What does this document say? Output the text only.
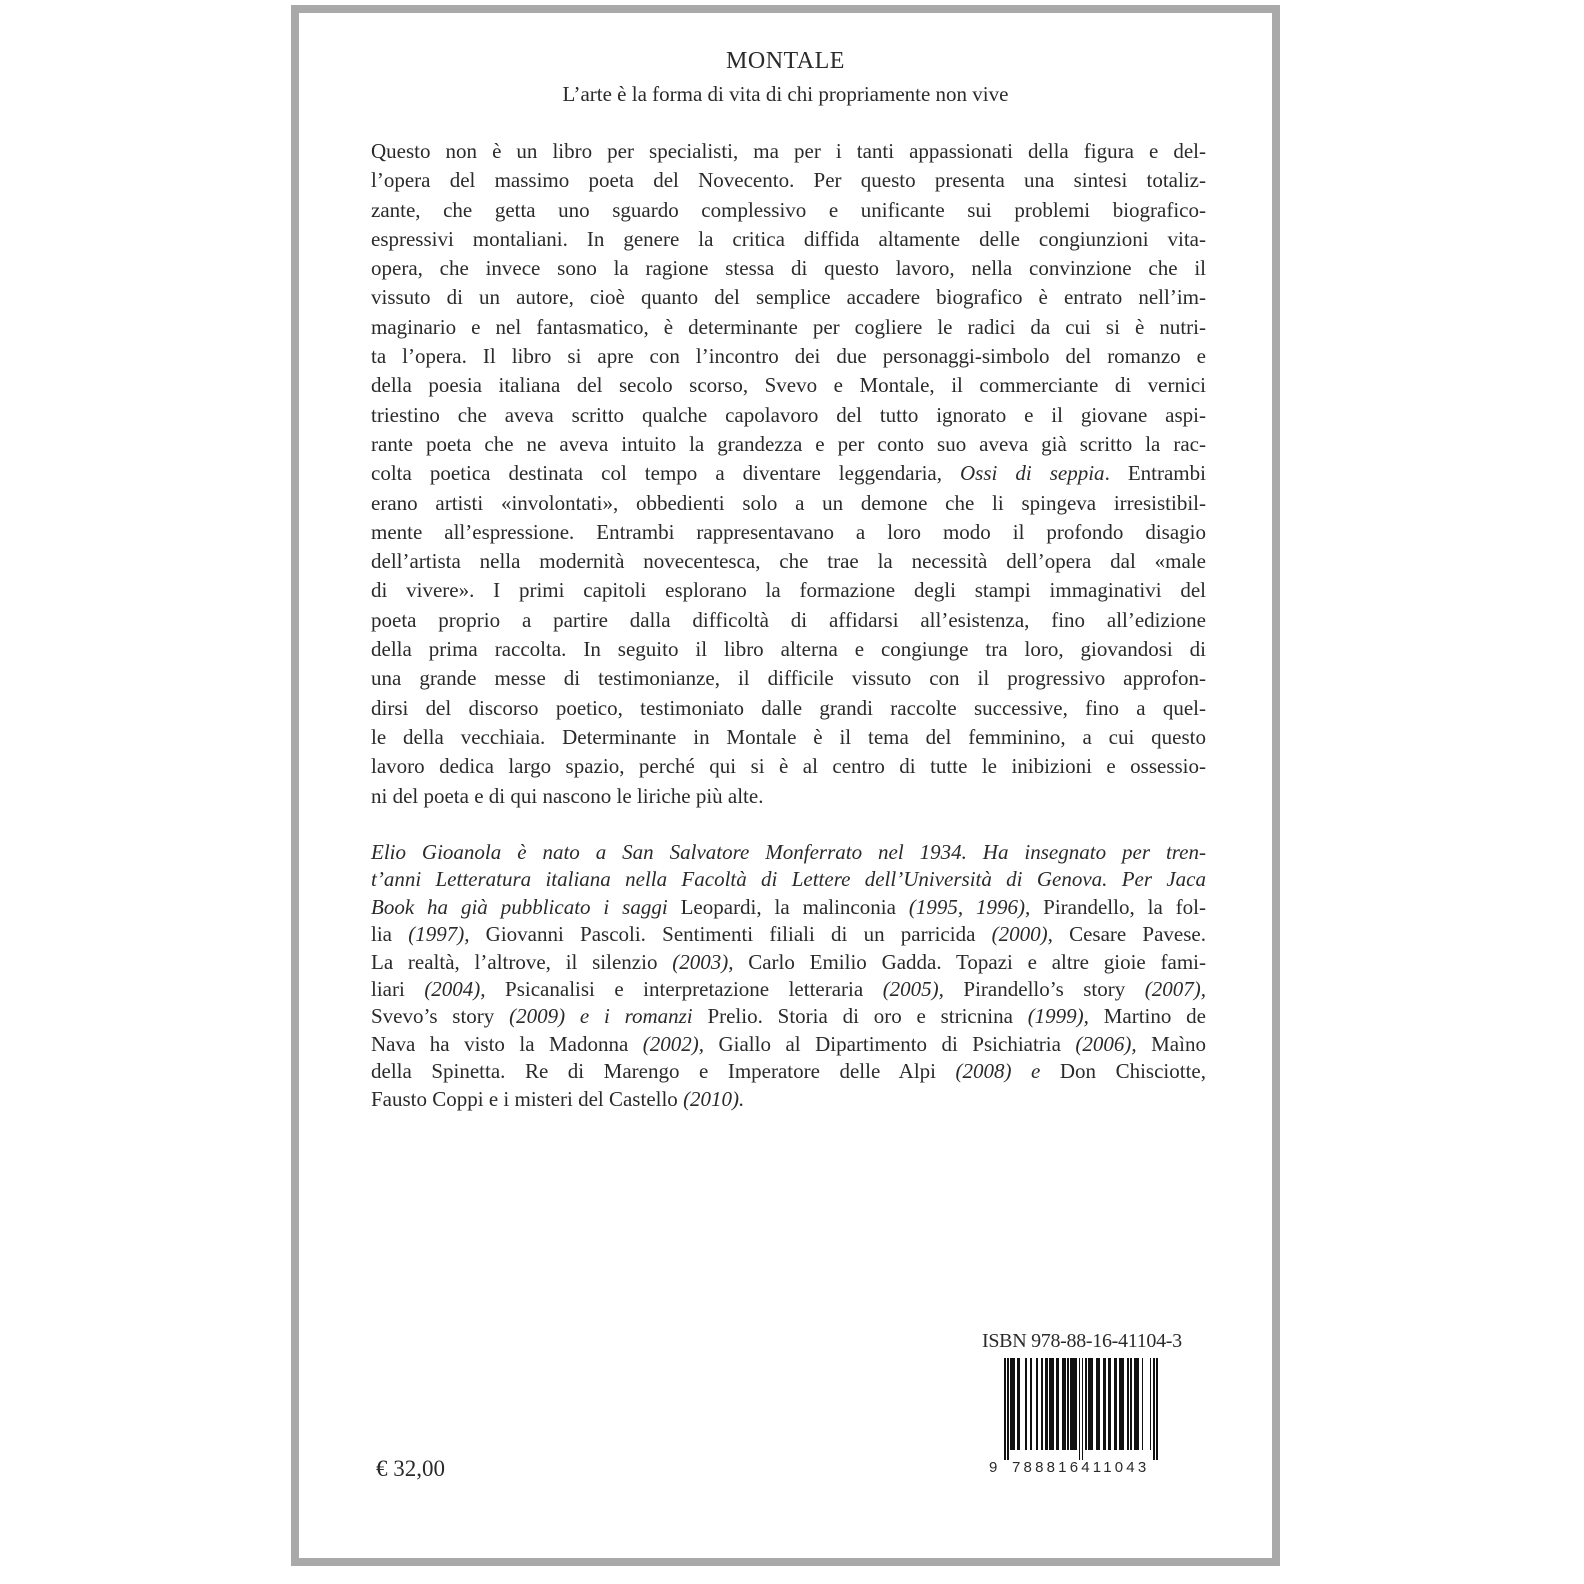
MONTALE
L’arte è la forma di vita di chi propriamente non vive
Questo non è un libro per specialisti, ma per i tanti appassionati della figura e del-
l’opera del massimo poeta del Novecento. Per questo presenta una sintesi totaliz-
zante, che getta uno sguardo complessivo e unificante sui problemi biografico-
espressivi montaliani. In genere la critica diffida altamente delle congiunzioni vita-
opera, che invece sono la ragione stessa di questo lavoro, nella convinzione che il
vissuto di un autore, cioè quanto del semplice accadere biografico è entrato nell’im-
maginario e nel fantasmatico, è determinante per cogliere le radici da cui si è nutri-
ta l’opera. Il libro si apre con l’incontro dei due personaggi-simbolo del romanzo e
della poesia italiana del secolo scorso, Svevo e Montale, il commerciante di vernici
triestino che aveva scritto qualche capolavoro del tutto ignorato e il giovane aspi-
rante poeta che ne aveva intuito la grandezza e per conto suo aveva già scritto la rac-
colta poetica destinata col tempo a diventare leggendaria, Ossi di seppia. Entrambi
erano artisti «involontati», obbedienti solo a un demone che li spingeva irresistibil-
mente all’espressione. Entrambi rappresentavano a loro modo il profondo disagio
dell’artista nella modernità novecentesca, che trae la necessità dell’opera dal «male
di vivere». I primi capitoli esplorano la formazione degli stampi immaginativi del
poeta proprio a partire dalla difficoltà di affidarsi all’esistenza, fino all’edizione
della prima raccolta. In seguito il libro alterna e congiunge tra loro, giovandosi di
una grande messe di testimonianze, il difficile vissuto con il progressivo approfon-
dirsi del discorso poetico, testimoniato dalle grandi raccolte successive, fino a quel-
le della vecchiaia. Determinante in Montale è il tema del femminino, a cui questo
lavoro dedica largo spazio, perché qui si è al centro di tutte le inibizioni e ossessio-
ni del poeta e di qui nascono le liriche più alte.
Elio Gioanola è nato a San Salvatore Monferrato nel 1934. Ha insegnato per tren-
t’anni Letteratura italiana nella Facoltà di Lettere dell’Università di Genova. Per Jaca
Book ha già pubblicato i saggi Leopardi, la malinconia (1995, 1996), Pirandello, la fol-
lia (1997), Giovanni Pascoli. Sentimenti filiali di un parricida (2000), Cesare Pavese.
La realtà, l’altrove, il silenzio (2003), Carlo Emilio Gadda. Topazi e altre gioie fami-
liari (2004), Psicanalisi e interpretazione letteraria (2005), Pirandello’s story (2007),
Svevo’s story (2009) e i romanzi Prelio. Storia di oro e stricnina (1999), Martino de
Nava ha visto la Madonna (2002), Giallo al Dipartimento di Psichiatria (2006), Maìno
della Spinetta. Re di Marengo e Imperatore delle Alpi (2008) e Don Chisciotte,
Fausto Coppi e i misteri del Castello (2010).
ISBN 978-88-16-41104-3
9 788816411043
€ 32,00
